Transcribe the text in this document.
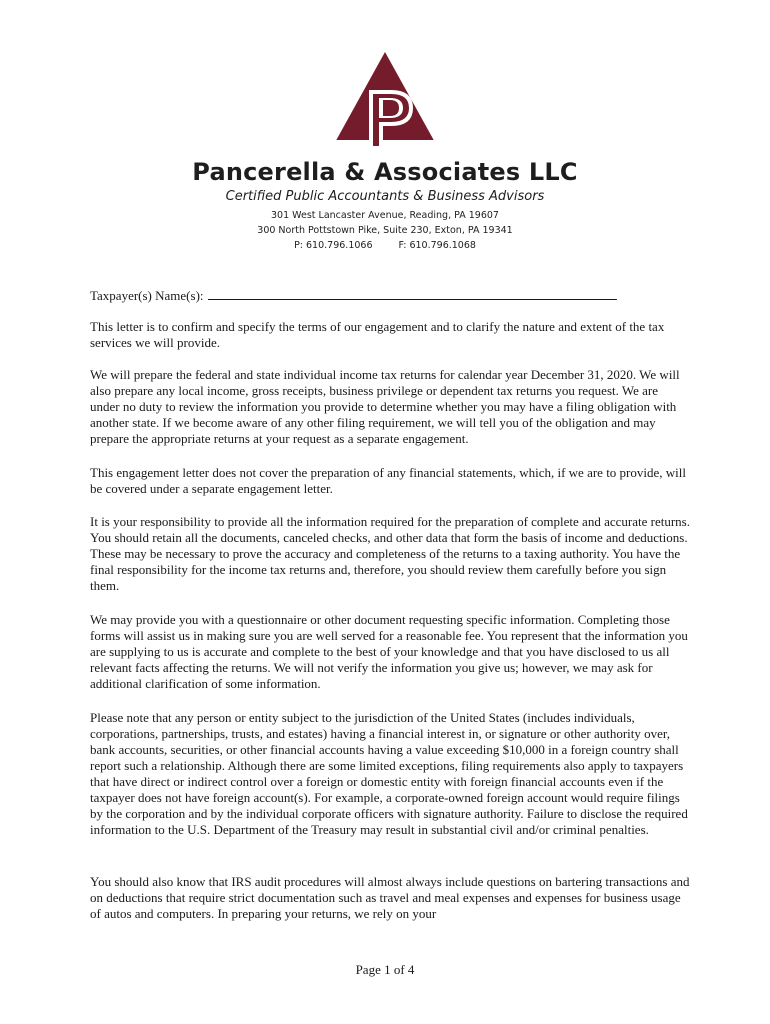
Pancerella & Associates LLC
Certified Public Accountants & Business Advisors
301 West Lancaster Avenue, Reading, PA 19607
300 North Pottstown Pike, Suite 230, Exton, PA 19341
P: 610.796.1066	F: 610.796.1068
Taxpayer(s) Name(s):

This letter is to confirm and specify the terms of our engagement and to clarify the nature and extent of the tax services we will provide.

We will prepare the federal and state individual income tax returns for calendar year December 31, 2020. We will also prepare any local income, gross receipts, business privilege or dependent tax returns you request. We are under no duty to review the information you provide to determine whether you may have a filing obligation with another state. If we become aware of any other filing requirement, we will tell you of the obligation and may prepare the appropriate returns at your request as a separate engagement.

This engagement letter does not cover the preparation of any financial statements, which, if we are to provide, will be covered under a separate engagement letter.

It is your responsibility to provide all the information required for the preparation of complete and accurate returns. You should retain all the documents, canceled checks, and other data that form the basis of income and deductions. These may be necessary to prove the accuracy and completeness of the returns to a taxing authority. You have the final responsibility for the income tax returns and, therefore, you should review them carefully before you sign them.

We may provide you with a questionnaire or other document requesting specific information. Completing those forms will assist us in making sure you are well served for a reasonable fee. You represent that the information you are supplying to us is accurate and complete to the best of your knowledge and that you have disclosed to us all relevant facts affecting the returns. We will not verify the information you give us; however, we may ask for additional clarification of some information.

Please note that any person or entity subject to the jurisdiction of the United States (includes individuals, corporations, partnerships, trusts, and estates) having a financial interest in, or signature or other authority over, bank accounts, securities, or other financial accounts having a value exceeding $10,000 in a foreign country shall report such a relationship. Although there are some limited exceptions, filing requirements also apply to taxpayers that have direct or indirect control over a foreign or domestic entity with foreign financial accounts even if the taxpayer does not have foreign account(s). For example, a corporate-owned foreign account would require filings by the corporation and by the individual corporate officers with signature authority. Failure to disclose the required information to the U.S. Department of the Treasury may result in substantial civil and/or criminal penalties.

You should also know that IRS audit procedures will almost always include questions on bartering transactions and on deductions that require strict documentation such as travel and meal expenses and expenses for business usage of autos and computers. In preparing your returns, we rely on your

Page 1 of 4
